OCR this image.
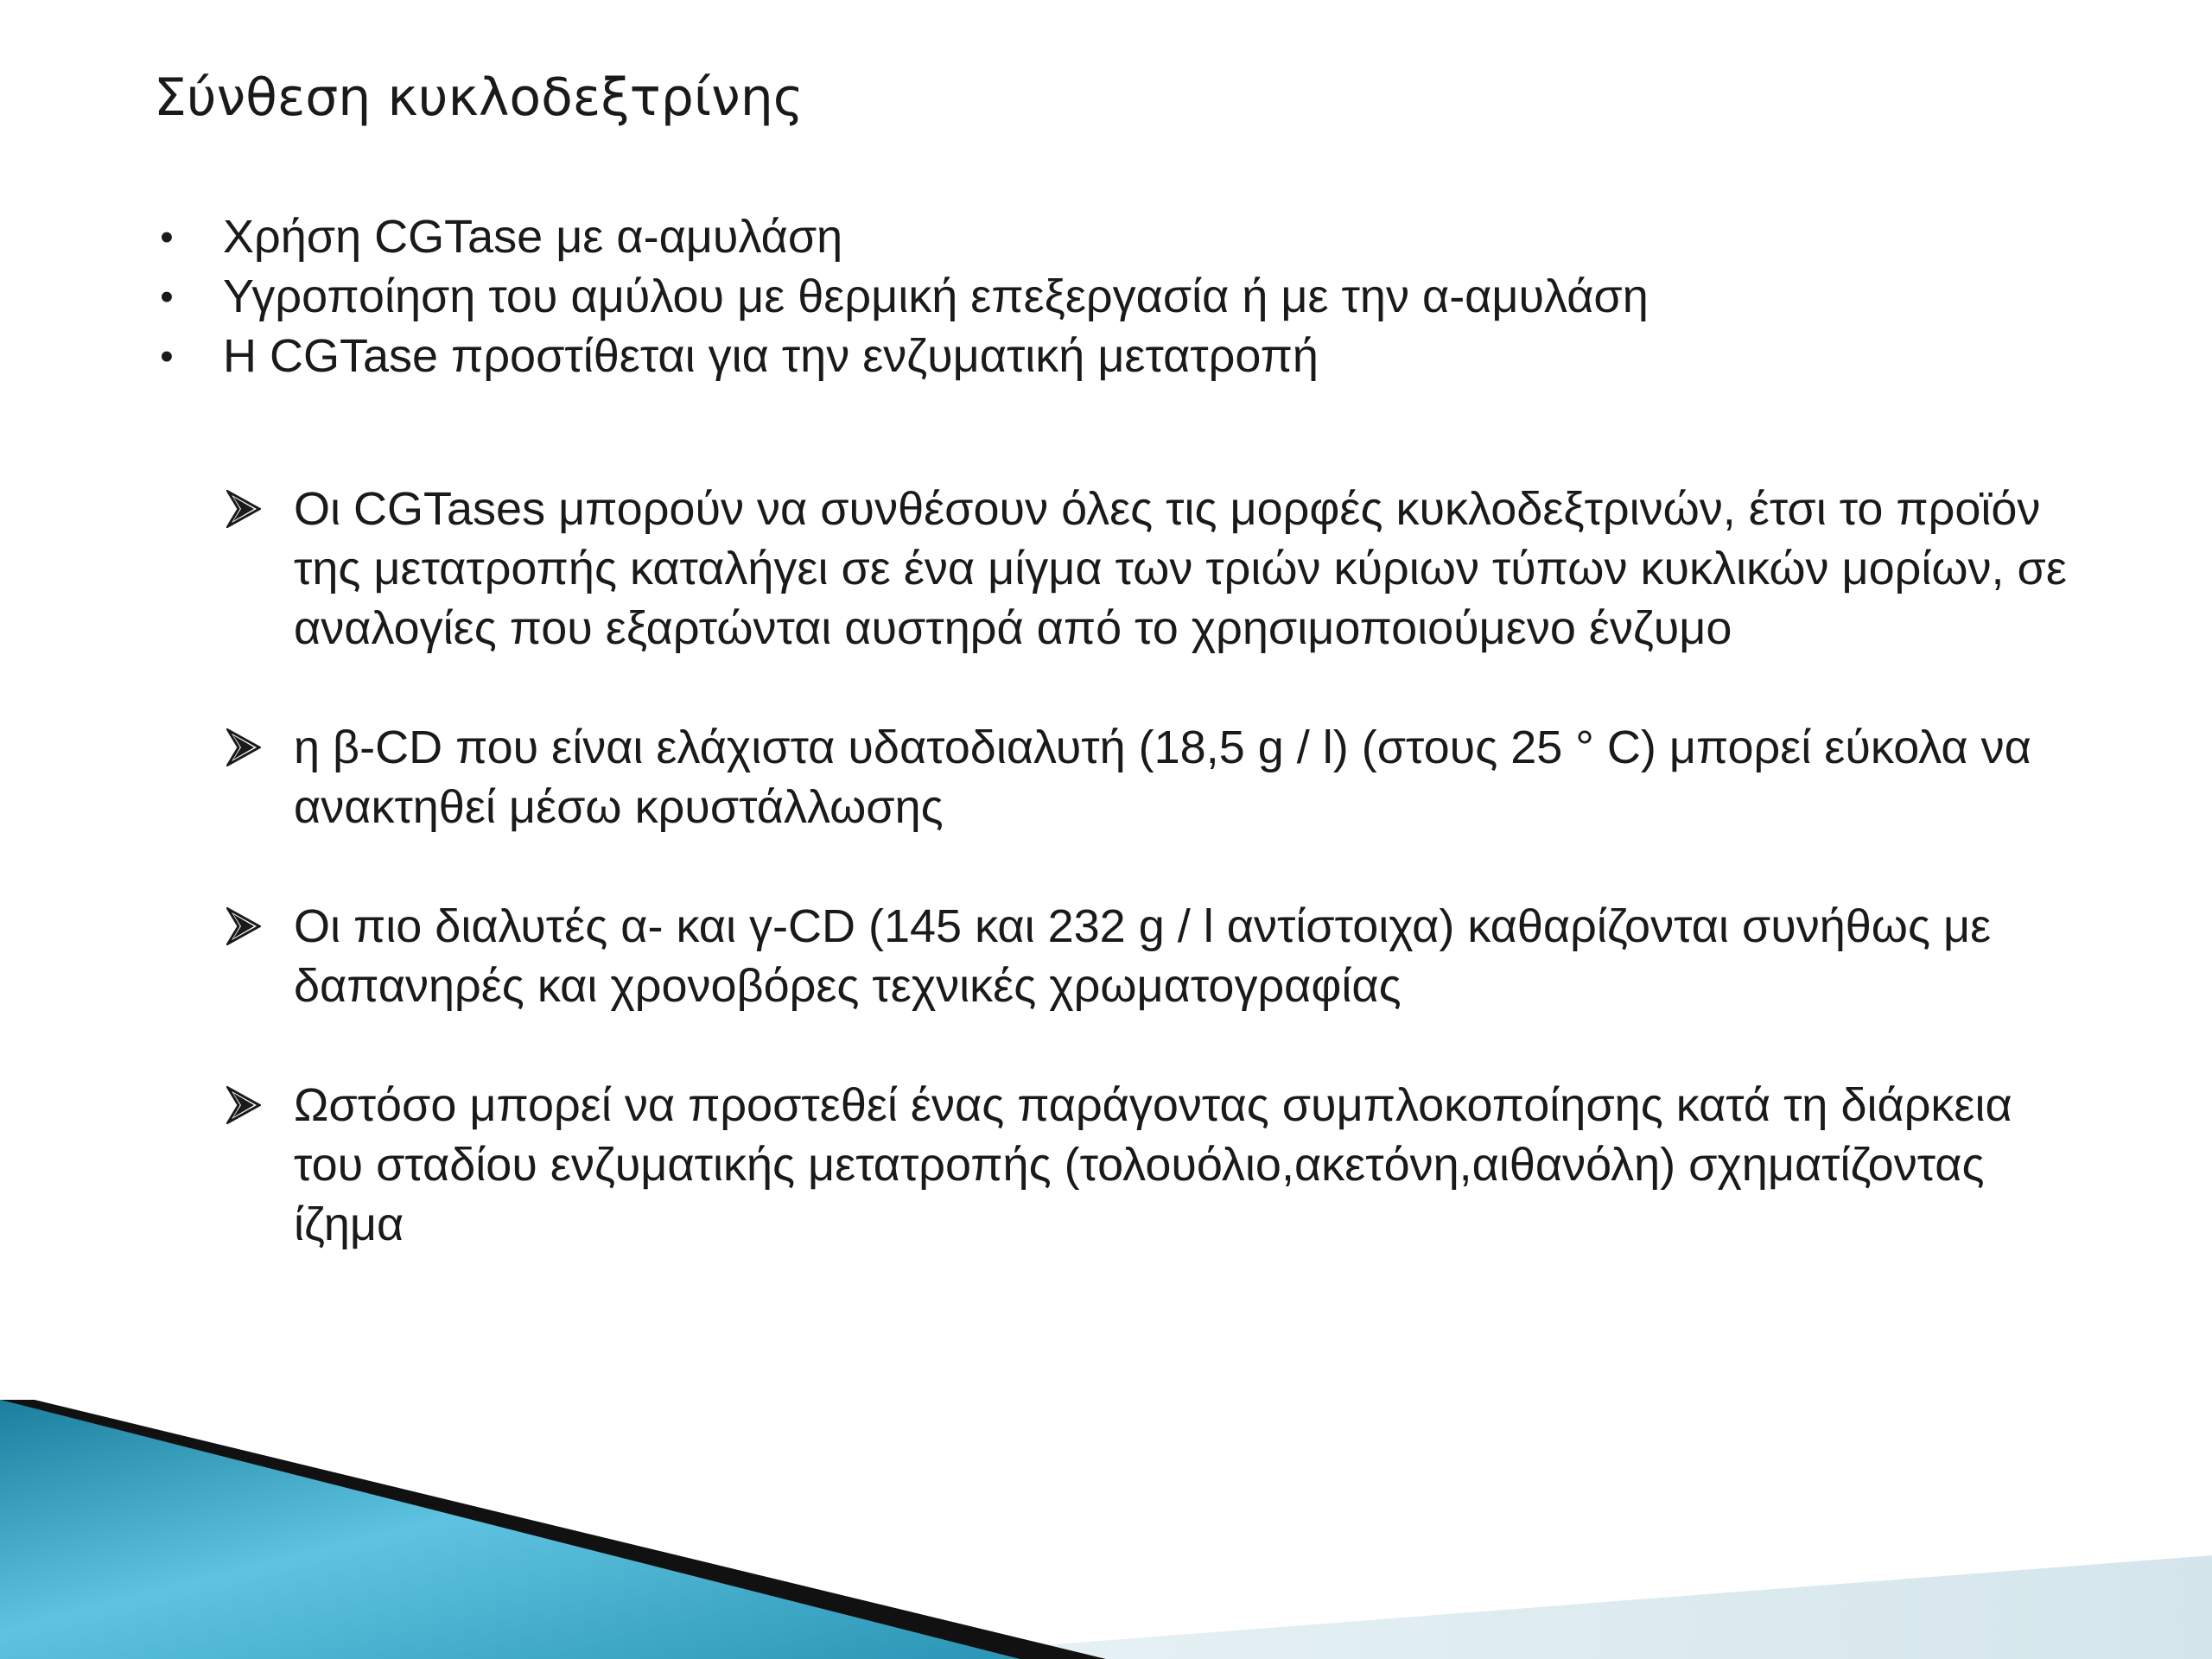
Σύνθεση κυκλοδεξτρίνης
• Χρήση CGTase με α-αμυλάση
• Υγροποίηση του αμύλου με θερμική επεξεργασία ή με την α-αμυλάση
• Η CGTase προστίθεται για την ενζυματική μετατροπή
Οι CGTases μπορούν να συνθέσουν όλες τις μορφές κυκλοδεξτρινών, έτσι το προϊόν της μετατροπής καταλήγει σε ένα μίγμα των τριών κύριων τύπων κυκλικών μορίων, σε αναλογίες που εξαρτώνται αυστηρά από το χρησιμοποιούμενο ένζυμο
η β-CD που είναι ελάχιστα υδατοδιαλυτή (18,5 g / l) (στους 25 ° C) μπορεί εύκολα να ανακτηθεί μέσω κρυστάλλωσης
Οι πιο διαλυτές α- και γ-CD (145 και 232 g / l αντίστοιχα) καθαρίζονται συνήθως με δαπανηρές και χρονοβόρες τεχνικές χρωματογραφίας
Ωστόσο μπορεί να προστεθεί ένας παράγοντας συμπλοκοποίησης κατά τη διάρκεια του σταδίου ενζυματικής μετατροπής (τολουόλιο,ακετόνη,αιθανόλη) σχηματίζοντας ίζημα
